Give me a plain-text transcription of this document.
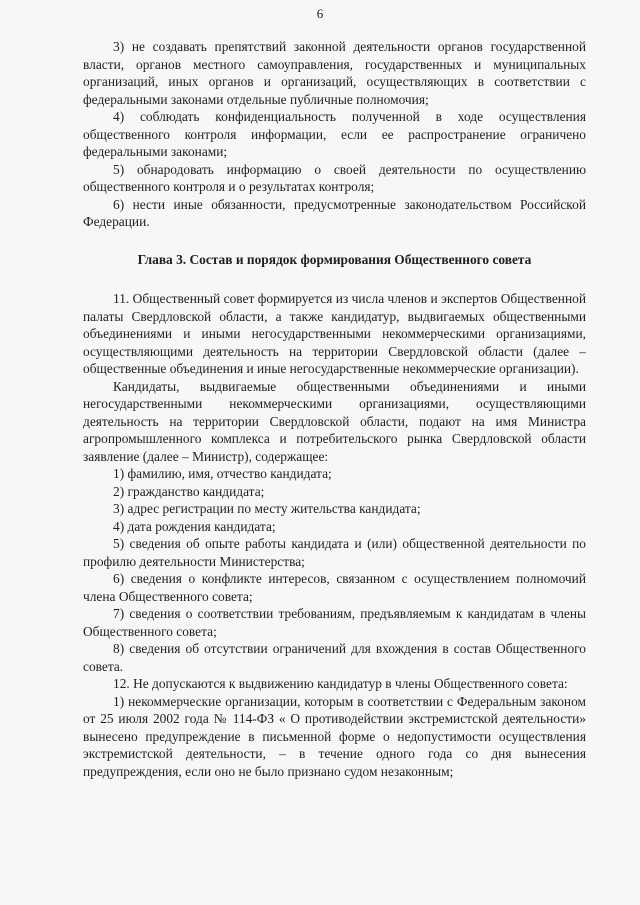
6

3) не создавать препятствий законной деятельности органов государственной власти, органов местного самоуправления, государственных и муниципальных организаций, иных органов и организаций, осуществляющих в соответствии с федеральными законами отдельные публичные полномочия;

4) соблюдать конфиденциальность полученной в ходе осуществления общественного контроля информации, если ее распространение ограничено федеральными законами;

5) обнародовать информацию о своей деятельности по осуществлению общественного контроля и о результатах контроля;

6) нести иные обязанности, предусмотренные законодательством Российской Федерации.

Глава 3. Состав и порядок формирования Общественного совета

11. Общественный совет формируется из числа членов и экспертов Общественной палаты Свердловской области, а также кандидатур, выдвигаемых общественными объединениями и иными негосударственными некоммерческими организациями, осуществляющими деятельность на территории Свердловской области (далее – общественные объединения и иные негосударственные некоммерческие организации).

Кандидаты, выдвигаемые общественными объединениями и иными негосударственными некоммерческими организациями, осуществляющими деятельность на территории Свердловской области, подают на имя Министра агропромышленного комплекса и потребительского рынка Свердловской области заявление (далее – Министр), содержащее:

1) фамилию, имя, отчество кандидата;

2) гражданство кандидата;

3) адрес регистрации по месту жительства кандидата;

4) дата рождения кандидата;

5) сведения об опыте работы кандидата и (или) общественной деятельности по профилю деятельности Министерства;

6) сведения о конфликте интересов, связанном с осуществлением полномочий члена Общественного совета;

7) сведения о соответствии требованиям, предъявляемым к кандидатам в члены Общественного совета;

8) сведения об отсутствии ограничений для вхождения в состав Общественного совета.

12. Не допускаются к выдвижению кандидатур в члены Общественного совета:

1) некоммерческие организации, которым в соответствии с Федеральным законом от 25 июля 2002 года № 114-ФЗ « О противодействии экстремистской деятельности» вынесено предупреждение в письменной форме о недопустимости осуществления экстремистской деятельности, – в течение одного года со дня вынесения предупреждения, если оно не было признано судом незаконным;
